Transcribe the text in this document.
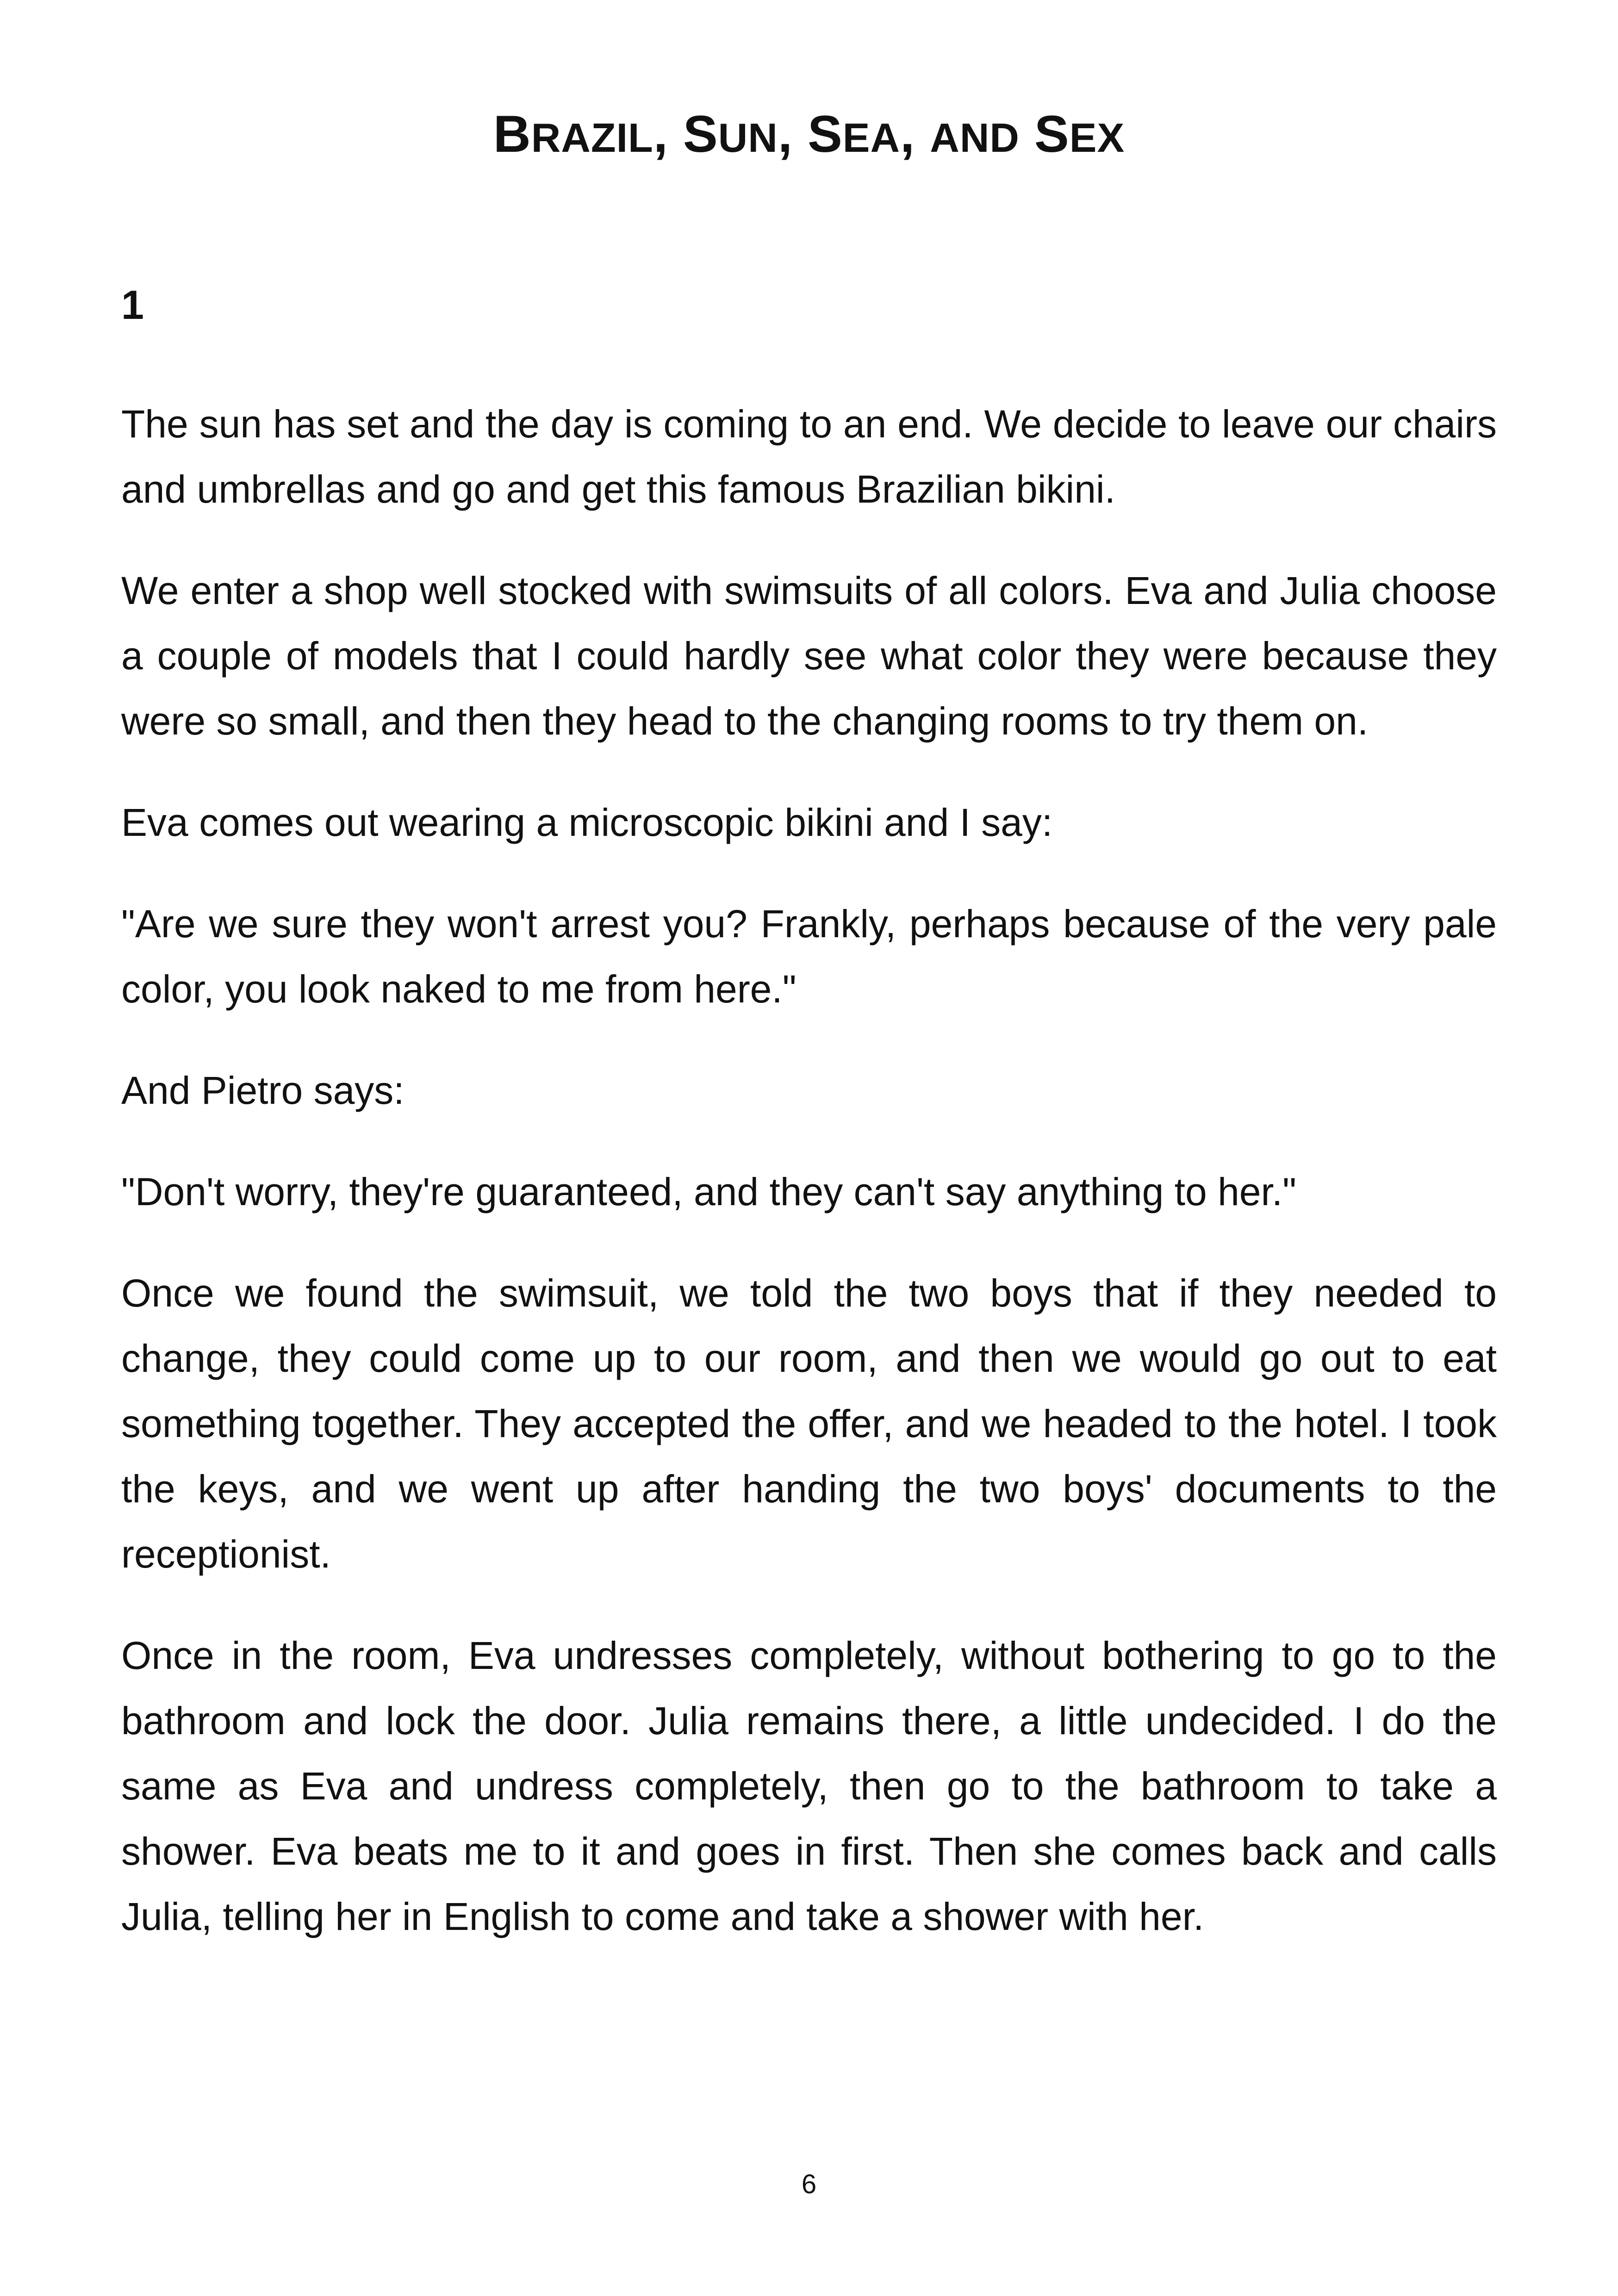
BRAZIL, SUN, SEA, AND SEX
1

The sun has set and the day is coming to an end. We decide to leave our chairs and umbrellas and go and get this famous Brazilian bikini.

We enter a shop well stocked with swimsuits of all colors. Eva and Julia choose a couple of models that I could hardly see what color they were because they were so small, and then they head to the changing rooms to try them on.

Eva comes out wearing a microscopic bikini and I say:

"Are we sure they won't arrest you? Frankly, perhaps because of the very pale color, you look naked to me from here."

And Pietro says:

"Don't worry, they're guaranteed, and they can't say anything to her."

Once we found the swimsuit, we told the two boys that if they needed to change, they could come up to our room, and then we would go out to eat something together. They accepted the offer, and we headed to the hotel. I took the keys, and we went up after handing the two boys' documents to the receptionist.

Once in the room, Eva undresses completely, without bothering to go to the bathroom and lock the door. Julia remains there, a little undecided. I do the same as Eva and undress completely, then go to the bathroom to take a shower. Eva beats me to it and goes in first. Then she comes back and calls Julia, telling her in English to come and take a shower with her.

6
